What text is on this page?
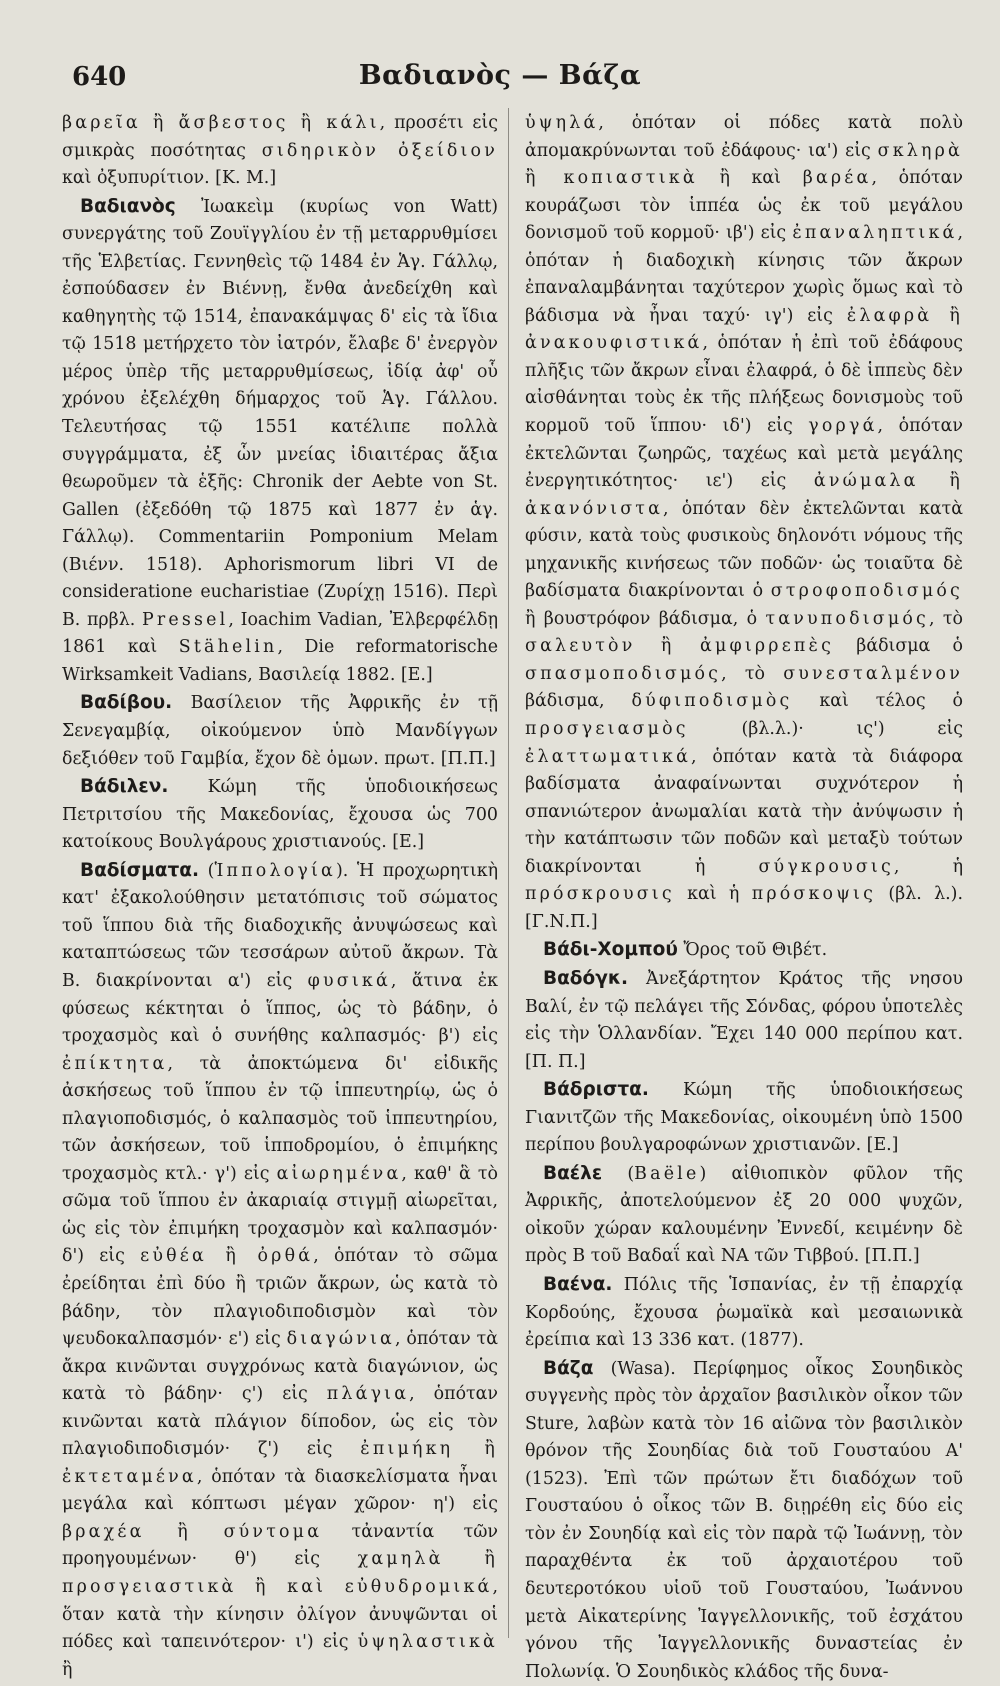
640	Βαδιανὸς — Βάζα

βαρεῖα ἢ ἄσβεστος ἢ κάλι, προσέτι εἰς σμικρὰς ποσότητας σιδηρικὸν ὀξείδιον καὶ ὀξυπυρίτιον. [Κ. Μ.]

Βαδιανὸς Ἰωακεὶμ (κυρίως von Watt) συνεργάτης τοῦ Ζουϊγγλίου ἐν τῇ μεταρρυθμίσει τῆς Ἑλβετίας. Γεννηθεὶς τῷ 1484 ἐν Ἁγ. Γάλλῳ, ἐσπούδασεν ἐν Βιέννῃ, ἔνθα ἀνεδείχθη καὶ καθηγητὴς τῷ 1514, ἐπανακάμψας δ' εἰς τὰ ἴδια τῷ 1518 μετήρχετο τὸν ἰατρόν, ἔλαβε δ' ἐνεργὸν μέρος ὑπὲρ τῆς μεταρρυθμίσεως, ἰδίᾳ ἀφ' οὗ χρόνου ἐξελέχθη δήμαρχος τοῦ Ἁγ. Γάλλου. Τελευτήσας τῷ 1551 κατέλιπε πολλὰ συγγράμματα, ἐξ ὧν μνείας ἰδιαιτέρας ἄξια θεωροῦμεν τὰ ἑξῆς: Chronik der Aebte von St. Gallen (ἐξεδόθη τῷ 1875 καὶ 1877 ἐν ἁγ. Γάλλῳ). Commentariin Pomponium Melam (Βιένν. 1518). Aphorismorum libri VI de consideratione eucharistiae (Ζυρίχῃ 1516). Περὶ Β. πρβλ. Pressel, Ioachim Vadian, Ἐλβερφέλδῃ 1861 καὶ Stähelin, Die reformatorische Wirksamkeit Vadians, Βασιλείᾳ 1882. [Ε.]

Βαδίβου. Βασίλειον τῆς Ἀφρικῆς ἐν τῇ Σενεγαμβίᾳ, οἰκούμενον ὑπὸ Μανδίγγων δεξιόθεν τοῦ Γαμβία, ἔχον δὲ ὁμων. πρωτ. [Π.Π.]

Βάδιλεν. Κώμη τῆς ὑποδιοικήσεως Πετριτσίου τῆς Μακεδονίας, ἔχουσα ὡς 700 κατοίκους Βουλγάρους χριστιανούς. [Ε.]

Βαδίσματα. (Ἱππολογία). Ἡ προχωρητικὴ κατ' ἐξακολούθησιν μετατόπισις τοῦ σώματος τοῦ ἵππου διὰ τῆς διαδοχικῆς ἀνυψώσεως καὶ καταπτώσεως τῶν τεσσάρων αὐτοῦ ἄκρων. Τὰ Β. διακρίνονται α') εἰς φυσικά, ἅτινα ἐκ φύσεως κέκτηται ὁ ἵππος, ὡς τὸ βάδην, ὁ τροχασμὸς καὶ ὁ συνήθης καλπασμός· β') εἰς ἐπίκτητα, τὰ ἀποκτώμενα δι' εἰδικῆς ἀσκήσεως τοῦ ἵππου ἐν τῷ ἱππευτηρίῳ, ὡς ὁ πλαγιοποδισμός, ὁ καλπασμὸς τοῦ ἱππευτηρίου, τῶν ἀσκήσεων, τοῦ ἱπποδρομίου, ὁ ἐπιμήκης τροχασμὸς κτλ.· γ') εἰς αἰωρημένα, καθ' ἃ τὸ σῶμα τοῦ ἵππου ἐν ἀκαριαίᾳ στιγμῇ αἰωρεῖται, ὡς εἰς τὸν ἐπιμήκη τροχασμὸν καὶ καλπασμόν· δ') εἰς εὐθέα ἢ ὀρθά, ὁπόταν τὸ σῶμα ἐρείδηται ἐπὶ δύο ἢ τριῶν ἄκρων, ὡς κατὰ τὸ βάδην, τὸν πλαγιοδιποδισμὸν καὶ τὸν ψευδοκαλπασμόν· ε') εἰς διαγώνια, ὁπόταν τὰ ἄκρα κινῶνται συγχρόνως κατὰ διαγώνιον, ὡς κατὰ τὸ βάδην· ς') εἰς πλάγια, ὁπόταν κινῶνται κατὰ πλάγιον δίποδον, ὡς εἰς τὸν πλαγιοδιποδισμόν· ζ') εἰς ἐπιμήκη ἢ ἐκτεταμένα, ὁπόταν τὰ διασκελίσματα ἦναι μεγάλα καὶ κόπτωσι μέγαν χῶρον· η') εἰς βραχέα ἢ σύντομα τἀναντία τῶν προηγουμένων· θ') εἰς χαμηλὰ ἢ προσγειαστικὰ ἢ καὶ εὐθυδρομικά, ὅταν κατὰ τὴν κίνησιν ὀλίγον ἀνυψῶνται οἱ πόδες καὶ ταπεινότερον· ι') εἰς ὑψηλαστικὰ ἢ

ὑψηλά, ὁπόταν οἱ πόδες κατὰ πολὺ ἀπομακρύνωνται τοῦ ἐδάφους· ια') εἰς σκληρὰ ἢ κοπιαστικὰ ἢ καὶ βαρέα, ὁπόταν κουράζωσι τὸν ἱππέα ὡς ἐκ τοῦ μεγάλου δονισμοῦ τοῦ κορμοῦ· ιβ') εἰς ἐπαναληπτικά, ὁπόταν ἡ διαδοχικὴ κίνησις τῶν ἄκρων ἐπαναλαμβάνηται ταχύτερον χωρὶς ὅμως καὶ τὸ βάδισμα νὰ ἦναι ταχύ· ιγ') εἰς ἐλαφρὰ ἢ ἀνακουφιστικά, ὁπόταν ἡ ἐπὶ τοῦ ἐδάφους πλῆξις τῶν ἄκρων εἶναι ἐλαφρά, ὁ δὲ ἱππεὺς δὲν αἰσθάνηται τοὺς ἐκ τῆς πλήξεως δονισμοὺς τοῦ κορμοῦ τοῦ ἵππου· ιδ') εἰς γοργά, ὁπόταν ἐκτελῶνται ζωηρῶς, ταχέως καὶ μετὰ μεγάλης ἐνεργητικότητος· ιε') εἰς ἀνώμαλα ἢ ἀκανόνιστα, ὁπόταν δὲν ἐκτελῶνται κατὰ φύσιν, κατὰ τοὺς φυσικοὺς δηλονότι νόμους τῆς μηχανικῆς κινήσεως τῶν ποδῶν· ὡς τοιαῦτα δὲ βαδίσματα διακρίνονται ὁ στροφοποδισμός ἢ βουστρόφον βάδισμα, ὁ τανυποδισμός, τὸ σαλευτὸν ἢ ἀμφιρρεπὲς βάδισμα ὁ σπασμοποδισμός, τὸ συνεσταλμένον βάδισμα, δύφιποδισμὸς καὶ τέλος ὁ προσγειασμὸς (βλ.λ.)· ις') εἰς ἐλαττωματικά, ὁπόταν κατὰ τὰ διάφορα βαδίσματα ἀναφαίνωνται συχνότερον ἡ σπανιώτερον ἀνωμαλίαι κατὰ τὴν ἀνύψωσιν ἡ τὴν κατάπτωσιν τῶν ποδῶν καὶ μεταξὺ τούτων διακρίνονται ἡ σύγκρουσις, ἡ πρόσκρουσις καὶ ἡ πρόσκοψις (βλ. λ.). [Γ.Ν.Π.]

Βάδι-Χομπού Ὄρος τοῦ Θιβέτ.

Βαδόγκ. Ἀνεξάρτητον Κράτος τῆς νησου Βαλί, ἐν τῷ πελάγει τῆς Σόνδας, φόρου ὑποτελὲς εἰς τὴν Ὁλλανδίαν. Ἔχει 140 000 περίπου κατ. [Π. Π.]

Βάδριστα. Κώμη τῆς ὑποδιοικήσεως Γιανιτζῶν τῆς Μακεδονίας, οἰκουμένη ὑπὸ 1500 περίπου βουλγαροφώνων χριστιανῶν. [Ε.]

Βαέλε (Baële) αἰθιοπικὸν φῦλον τῆς Ἀφρικῆς, ἀποτελούμενον ἐξ 20 000 ψυχῶν, οἰκοῦν χώραν καλουμένην Ἐννεδί, κειμένην δὲ πρὸς Β τοῦ Βαδαΐ καὶ ΝΑ τῶν Τιββού. [Π.Π.]

Βαένα. Πόλις τῆς Ἱσπανίας, ἐν τῇ ἐπαρχίᾳ Κορδούης, ἔχουσα ῥωμαϊκὰ καὶ μεσαιωνικὰ ἐρείπια καὶ 13 336 κατ. (1877).

Βάζα (Wasa). Περίφημος οἶκος Σουηδικὸς συγγενὴς πρὸς τὸν ἀρχαῖον βασιλικὸν οἶκον τῶν Sture, λαβὼν κατὰ τὸν 16 αἰῶνα τὸν βασιλικὸν θρόνον τῆς Σουηδίας διὰ τοῦ Γουσταύου Α' (1523). Ἐπὶ τῶν πρώτων ἔτι διαδόχων τοῦ Γουσταύου ὁ οἶκος τῶν Β. διῃρέθη εἰς δύο εἰς τὸν ἐν Σουηδίᾳ καὶ εἰς τὸν παρὰ τῷ Ἰωάννῃ, τὸν παραχθέντα ἐκ τοῦ ἀρχαιοτέρου τοῦ δευτεροτόκου υἱοῦ τοῦ Γουσταύου, Ἰωάννου μετὰ Αἰκατερίνης Ἰαγγελλονικῆς, τοῦ ἐσχάτου γόνου τῆς Ἰαγγελλονικῆς δυναστείας ἐν Πολωνίᾳ. Ὁ Σουηδικὸς κλάδος τῆς δυνα-
